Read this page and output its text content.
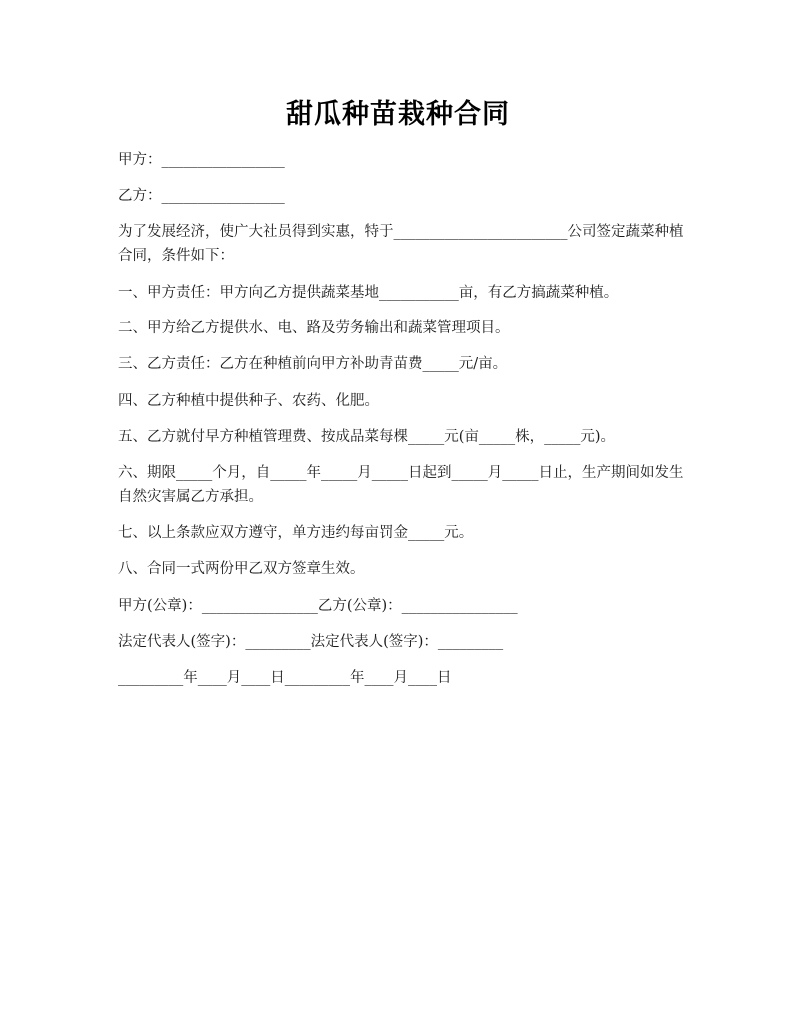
甜瓜种苗栽种合同
甲方：_________________
乙方：_________________
为了发展经济，使广大社员得到实惠，特于________________________公司签定蔬菜种植合同，条件如下：
一、甲方责任：甲方向乙方提供蔬菜基地___________亩，有乙方搞蔬菜种植。
二、甲方给乙方提供水、电、路及劳务输出和蔬菜管理项目。
三、乙方责任：乙方在种植前向甲方补助青苗费_____元/亩。
四、乙方种植中提供种子、农药、化肥。
五、乙方就付早方种植管理费、按成品菜每棵_____元(亩_____株，_____元)。
六、期限_____个月，自_____年_____月_____日起到_____月_____日止，生产期间如发生自然灾害属乙方承担。
七、以上条款应双方遵守，单方违约每亩罚金_____元。
八、合同一式两份甲乙双方签章生效。
甲方(公章)：________________乙方(公章)：________________
法定代表人(签字)：_________法定代表人(签字)：_________
_________年____月____日_________年____月____日
